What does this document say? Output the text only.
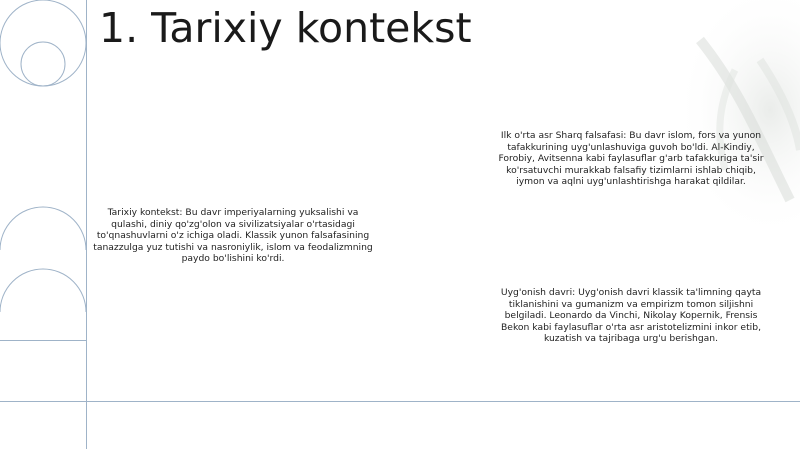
1. Tarixiy kontekst

Tarixiy kontekst: Bu davr imperiyalarning yuksalishi va qulashi, diniy qo'zg'olon va sivilizatsiyalar o'rtasidagi to'qnashuvlarni o'z ichiga oladi. Klassik yunon falsafasining tanazzulga yuz tutishi va nasroniylik, islom va feodalizmning paydo bo'lishini ko'rdi.

Ilk o'rta asr Sharq falsafasi: Bu davr islom, fors va yunon tafakkurining uyg'unlashuviga guvoh bo'ldi. Al-Kindiy, Forobiy, Avitsenna kabi faylasuflar g'arb tafakkuriga ta'sir ko'rsatuvchi murakkab falsafiy tizimlarni ishlab chiqib, iymon va aqlni uyg'unlashtirishga harakat qildilar.

Uyg'onish davri: Uyg'onish davri klassik ta'limning qayta tiklanishini va gumanizm va empirizm tomon siljishni belgiladi. Leonardo da Vinchi, Nikolay Kopernik, Frensis Bekon kabi faylasuflar o'rta asr aristotelizmini inkor etib, kuzatish va tajribaga urg'u berishgan.
